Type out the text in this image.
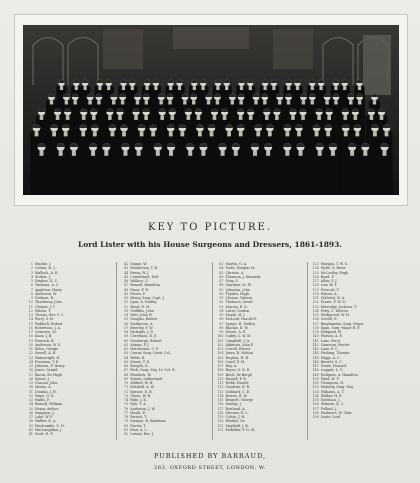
KEY TO PICTURE.
Lord Lister with his House Surgeons and Dressers, 1861-1893.
1 Mackie, J.
2 Cotton, H. J.
3 Malloch, A. E.
4 Stokoe, J.
5 Hughes, E. S.
6 Timmins, A. C.
7 Appleton, Harry
8 Anderson, W.
9 Dickson, R.
10 Thackeray, John
11 Cheyne, J. T.
12 Wilson, T.
13 Thorpe, Rev. V. C.
14 Perry, S. H.
15 Paddock, Robert
16 Robertson, J. A.
17 Cameron, M.
18 Knox, J. B.
19 Fenwick, R.
20 Anderson, W. S.
21 Kelso, George
22 Sewell, A. R.
23 Wainwright, H.
24 Freeman, T. E.
25 Johnson, F. Henry
26 Jones, Gerald
27 Baron, Sir Hugh
28 Spicer, J.
29 Duncan, John
30 Munro, A.
31 Dundas, J. H.
32 Wane, G. D.
33 Wallis, F.
34 Russell, William
35 Henry, Arthur
36 Sampson, J.
37 Lake, W. F.
38 Walker, E. A.
39 Woolcombe, G. N.
40 MacLaughlan, J.
41 Scott, E. P.
42 Dugan, W.
43 Henderson, T. B.
44 Penny, W. J.
45 Carmichael, Neil
46 Wallace, G.
47 Russell, Hamilton
48 Nunn, F. E.
49 Peters, F.
50 Henry, Surg.-Capt. J.
51 Lyon, A. Dudley
52 Wood, E. M.
53 Griffiths, John
54 Watt, John W.
55 Douglas, Robert
56 Mathieson, A.
57 Brierley, F. W.
58 Richards, J. D.
59 Cheetham, R. E.
60 Newburgh, Robert
61 Adams, P. J.
62 Hutchinson, C. F.
63 Crerar, Surg.-Lieut. Col.
64 Webb, H.
65 Stuart, T. D.
66 Forsyth, D.
67 Peck, Surg. Maj. Lt.-Col. R.
68 Murdoch, W.
69 Winter, Sutherland
70 Alldred, W. H.
71 Mitchell, A. W.
72 Spence, E. B.
73 Green, W. B.
74 Hale, J. K.
75 Pyle, T. A.
76 Anderson, J. W.
77 Heath, E.
78 Parrott, T.
79 Swayne, H. Barnham
80 Davies, T.
81 Mair, A. C.
82 Lennie, Rev. J.
83 Martin, G. A.
84 Toole, Douglas M.
85 Christie, A.
86 Thomson, J. Kennedy
87 Gray, G.
88 Gairdner, M. W.
89 Johnston, John
90 Thyden, Hugh
91 Cheyne, Watson
92 Thomson, David
93 Murray, R. D.
94 Lister, Gordon
95 Marsh, H. J.
96 McLeod, Harold E.
97 Symes, H. Dudley
98 Blackie, R. W.
99 Moore, A. E.
100 Caddy, C. W. M.
101 Campbell, J. A.
102 Atkinson, John P.
103 Cowell, Ernest
104 Jones, R. Nelson
105 Haydon, H. B.
106 Caird, F. M.
107 Hay, A.
108 Boyce, G. R. E.
109 Birch, de Burgh
110 Russell, P. R.
111 Webb, Harold
112 Goodwin, E. R.
113 Goddard, C. E.
114 Bowen, R. W.
115 Bennett, George
116 Dunlop, J.
117 Rowland, A.
118 Stevens, D. L.
119 Colvin, J. H.
120 Weekes, Dr.
121 Mayfield, J. B.
122 McKellar, P. D. M.
123 Morgan, T. W. S.
124 Wylie, S. Howe
125 McCarthy, Hugh
126 Bond, F.
127 Allen, F. J.
128 Law, W. T.
129 Prescott, T.
130 Wilson, A.
131 Gilchrist, R. A.
132 Fraser, F. W. D.
133 Stirrudge, Jackson, T.
134 Petty, C. Warren
135 Wedgwood, W. H.
136 Cowell, E.
137 Binghamton, Surg.-Major
138 Egan, Surg.-Major R. P.
139 Habgood, W.
140 Watson, A. E.
141 Lane, Percy
142 Cameron, Hector
143 Lane, F. C.
144 Pushing, Thomas
145 Higgs, A. C.
146 Barrett, S. C.
147 Druitt, Howard
148 Leggatt, L. V.
149 Hodgson, A. Hamilton
150 Ward, H. P.
151 Thompson, H.
152 Moberly, Surg.-Maj.
153 Williams, A. T.
154 Walker, H. E.
155 Davidson, J.
156 Gilmore, K. C.
157 Pollard, J.
158 Wadmore, W. Clair
159 Lister, Lord
PUBLISHED BY BARRAUD,
263, OXFORD STREET, LONDON, W.
